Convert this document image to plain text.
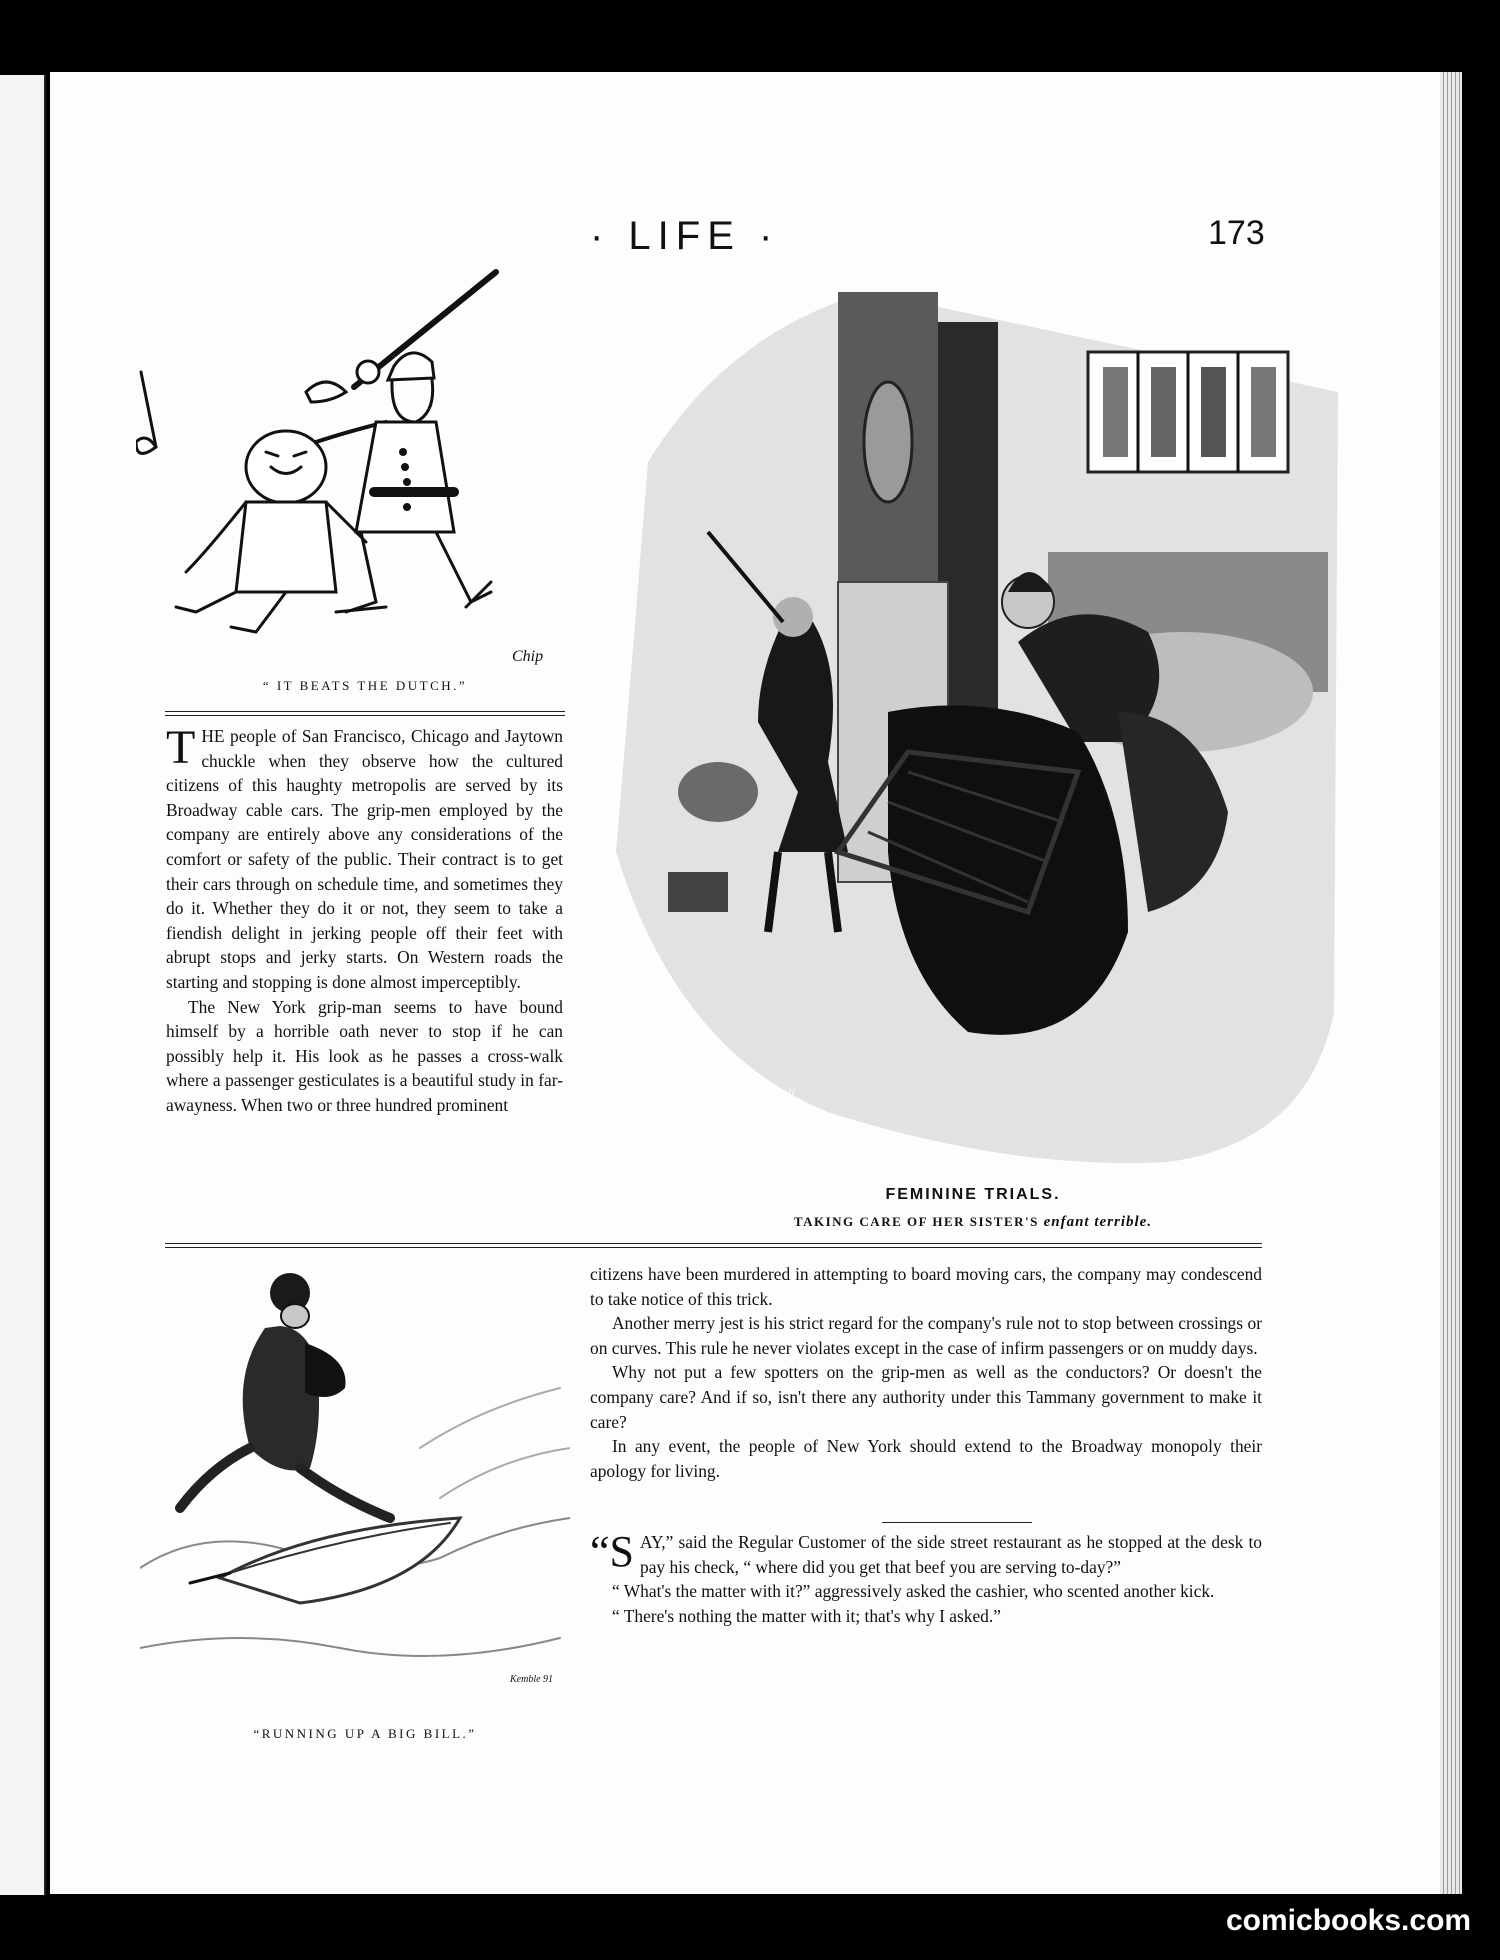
· LIFE ·	173
Chip
“ IT BEATS THE DUTCH.”

THE people of San Francisco, Chicago and Jaytown chuckle when they observe how the cultured citizens of this haughty metropolis are served by its Broadway cable cars. The grip-men employed by the company are entirely above any considerations of the comfort or safety of the public. Their contract is to get their cars through on schedule time, and sometimes they do it. Whether they do it or not, they seem to take a fiendish delight in jerking people off their feet with abrupt stops and jerky starts. On Western roads the starting and stopping is done almost imperceptibly.

The New York grip-man seems to have bound himself by a horrible oath never to stop if he can possibly help it. His look as he passes a cross-walk where a passenger gesticulates is a beautiful study in far-awayness. When two or three hundred prominent

Frank W. Small
FEMININE TRIALS.
TAKING CARE OF HER SISTER'S enfant terrible.
Kemble 91
“RUNNING UP A BIG BILL.”

citizens have been murdered in attempting to board moving cars, the company may condescend to take notice of this trick.

Another merry jest is his strict regard for the company's rule not to stop between crossings or on curves. This rule he never violates except in the case of infirm passengers or on muddy days.

Why not put a few spotters on the grip-men as well as the conductors? Or doesn't the company care? And if so, isn't there any authority under this Tammany government to make it care?

In any event, the people of New York should extend to the Broadway monopoly their apology for living.

“SAY,” said the Regular Customer of the side street restaurant as he stopped at the desk to pay his check, “ where did you get that beef you are serving to-day?”

“ What's the matter with it?” aggressively asked the cashier, who scented another kick.

“ There's nothing the matter with it; that's why I asked.”

comicbooks.com
